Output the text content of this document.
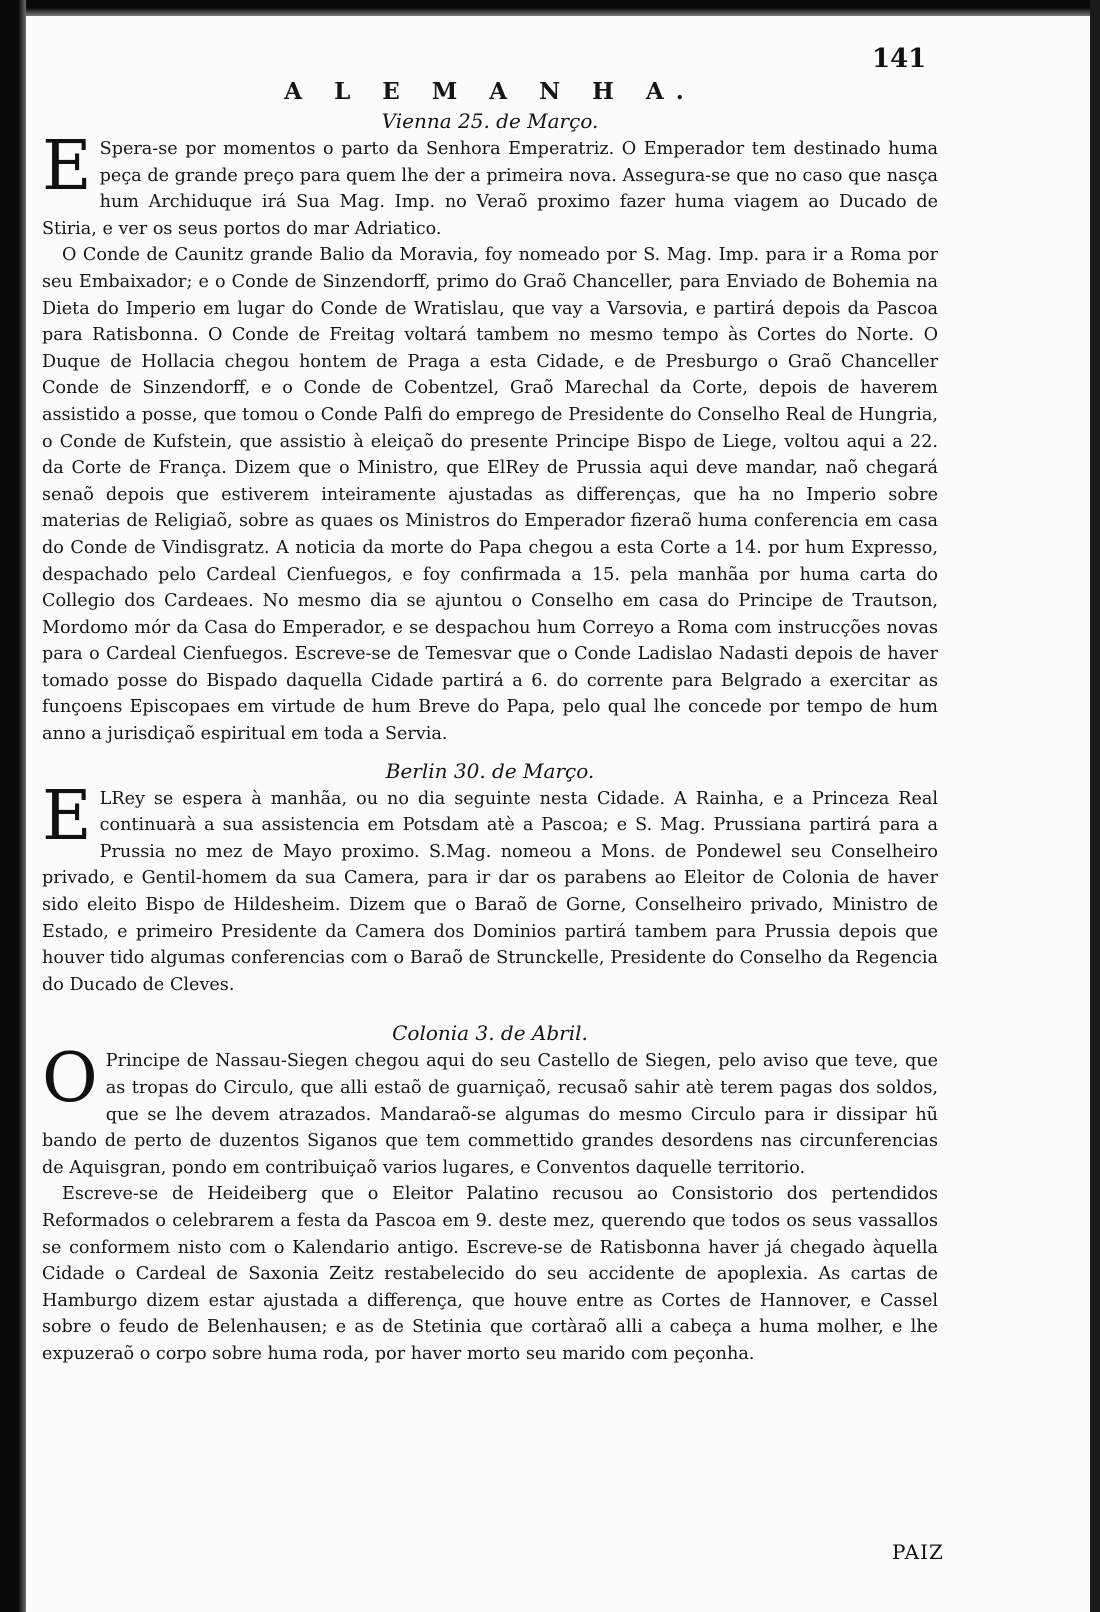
141
A L E M A N H A.
Vienna 25. de Março.

E Spera-se por momentos o parto da Senhora Emperatriz. O Emperador tem destinado huma peça de grande preço para quem lhe der a primeira nova. Assegura-se que no caso que nasça hum Archiduque irá Sua Mag. Imp. no Veraõ proximo fazer huma viagem ao Ducado de Stiria, e ver os seus portos do mar Adriatico.

O Conde de Caunitz grande Baliо da Moravia, foy nomeado por S. Mag. Imp. para ir a Roma por seu Embaixador; e o Conde de Sinzendorff, primo do Graõ Chanceller, para Enviado de Bohemia na Dieta do Imperio em lugar do Conde de Wratislau, que vay a Varsovia, e partirá depois da Pascoa para Ratisbonna. O Conde de Freitag voltará tambem no mesmo tempo às Cortes do Norte. O Duque de Hollacia chegou hontem de Praga a esta Cidade, e de Presburgo o Graõ Chanceller Conde de Sinzendorff, e o Conde de Cobentzel, Graõ Marechal da Corte, depois de haverem assistido a posse, que tomou o Conde Palfi do emprego de Presidente do Conselho Real de Hungria, o Conde de Kufstein, que assistio à eleiçaõ do presente Principe Bispo de Liege, voltou aqui a 22. da Corte de França. Dizem que o Ministro, que ElRey de Prussia aqui deve mandar, naõ chegará senaõ depois que estiverem inteiramente ajustadas as differenças, que ha no Imperio sobre materias de Religiaõ, sobre as quaes os Ministros do Emperador fizeraõ huma conferencia em casa do Conde de Vindisgratz. A noticia da morte do Papa chegou a esta Corte a 14. por hum Expresso, despachado pelo Cardeal Cienfuegos, e foy confirmada a 15. pela manhãa por huma carta do Collegio dos Cardeaes. No mesmo dia se ajuntou o Conselho em casa do Principe de Trautson, Mordomo mór da Casa do Emperador, e se despachou hum Correyo a Roma com instrucções novas para o Cardeal Cienfuegos. Escreve-se de Temesvar que o Conde Ladislao Nadasti depois de haver tomado posse do Bispado daquella Cidade partirá a 6. do corrente para Belgrado a exercitar as funçoens Episcopaes em virtude de hum Breve do Papa, pelo qual lhe concede por tempo de hum anno a jurisdiçaõ espiritual em toda a Servia.

Berlin 30. de Março.

E LRey se espera à manhãa, ou no dia seguinte nesta Cidade. A Rainha, e a Princeza Real continuarà a sua assistencia em Potsdam atè a Pascoa; e S. Mag. Prussiana partirá para a Prussia no mez de Mayo proximo. S.Mag. nomeou a Mons. de Pondewel seu Conselheiro privado, e Gentil-homem da sua Camera, para ir dar os parabens ao Eleitor de Colonia de haver sido eleito Bispo de Hildesheim. Dizem que o Baraõ de Gorne, Conselheiro privado, Ministro de Estado, e primeiro Presidente da Camera dos Dominios partirá tambem para Prussia depois que houver tido algumas conferencias com o Baraõ de Strunckelle, Presidente do Conselho da Regencia do Ducado de Cleves.

Colonia 3. de Abril.

O Principe de Nassau-Siegen chegou aqui do seu Castello de Siegen, pelo aviso que teve, que as tropas do Circulo, que alli estaõ de guarniçaõ, recusaõ sahir atè terem pagas dos soldos, que se lhe devem atrazados. Mandaraõ-se algumas do mesmo Circulo para ir dissipar hũ bando de perto de duzentos Siganos que tem commettido grandes desordens nas circunferencias de Aquisgran, pondo em contribuiçaõ varios lugares, e Conventos daquelle territorio.

Escreve-se de Heideiberg que o Eleitor Palatino recusou ao Consistorio dos pertendidos Reformados o celebrarem a festa da Pascoa em 9. deste mez, querendo que todos os seus vassallos se conformem nisto com o Kalendario antigo. Escreve-se de Ratisbonna haver já chegado àquella Cidade o Cardeal de Saxonia Zeitz restabelecido do seu accidente de apoplexia. As cartas de Hamburgo dizem estar ajustada a differença, que houve entre as Cortes de Hannover, e Cassel sobre o feudo de Belenhausen; e as de Stetinia que cortàraõ alli a cabeça a huma molher, e lhe expuzeraõ o corpo sobre huma roda, por haver morto seu marido com peçonha.

PAIZ
